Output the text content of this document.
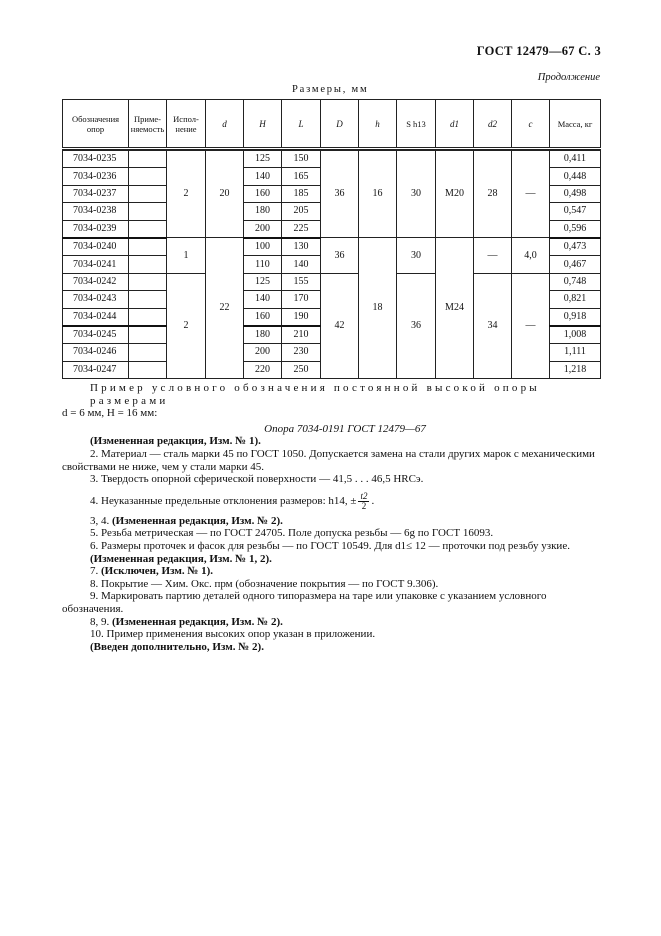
ГОСТ 12479—67 С. 3
Продолжение
Размеры, мм
Обозначения опор	Приме-няемость	Испол-нение	d	H	L	D	h	S h13	d1	d2	c	Масса, кг

7034-0235		2	20	125	150	36	16	30	M20	28	—	0,411
7034-0236				140	165							0,448
7034-0237				160	185							0,498
7034-0238				180	205							0,547
7034-0239				200	225							0,596
7034-0240		1	22	100	130	36	18	30	M24	—	4,0	0,473
7034-0241				110	140							0,467
7034-0242		2		125	155	42		36		34	—	0,748
7034-0243				140	170							0,821
7034-0244				160	190							0,918
7034-0245				180	210							1,008
7034-0246				200	230							1,111
7034-0247				220	250							1,218

Пример условного обозначения постоянной высокой опоры размерами

d = 6 мм, H = 16 мм:

Опора 7034-0191 ГОСТ 12479—67

(Измененная редакция, Изм. № 1).

2. Материал — сталь марки 45 по ГОСТ 1050. Допускается замена на стали других марок с механическими свойствами не ниже, чем у стали марки 45.

3. Твердость опорной сферической поверхности — 41,5 . . . 46,5 HRCэ.

4. Неуказанные предельные отклонения размеров: h14, ± $\frac{t2}{2}$ .

3, 4. (Измененная редакция, Изм. № 2).

5. Резьба метрическая — по ГОСТ 24705. Поле допуска резьбы — 6g по ГОСТ 16093.

6. Размеры проточек и фасок для резьбы — по ГОСТ 10549. Для d1≤ 12 — проточки под резьбу узкие.

(Измененная редакция, Изм. № 1, 2).

7. (Исключен, Изм. № 1).

8. Покрытие — Хим. Окс. прм (обозначение покрытия — по ГОСТ 9.306).

9. Маркировать партию деталей одного типоразмера на таре или упаковке с указанием условного обозначения.

8, 9. (Измененная редакция, Изм. № 2).

10. Пример применения высоких опор указан в приложении.

(Введен дополнительно, Изм. № 2).
